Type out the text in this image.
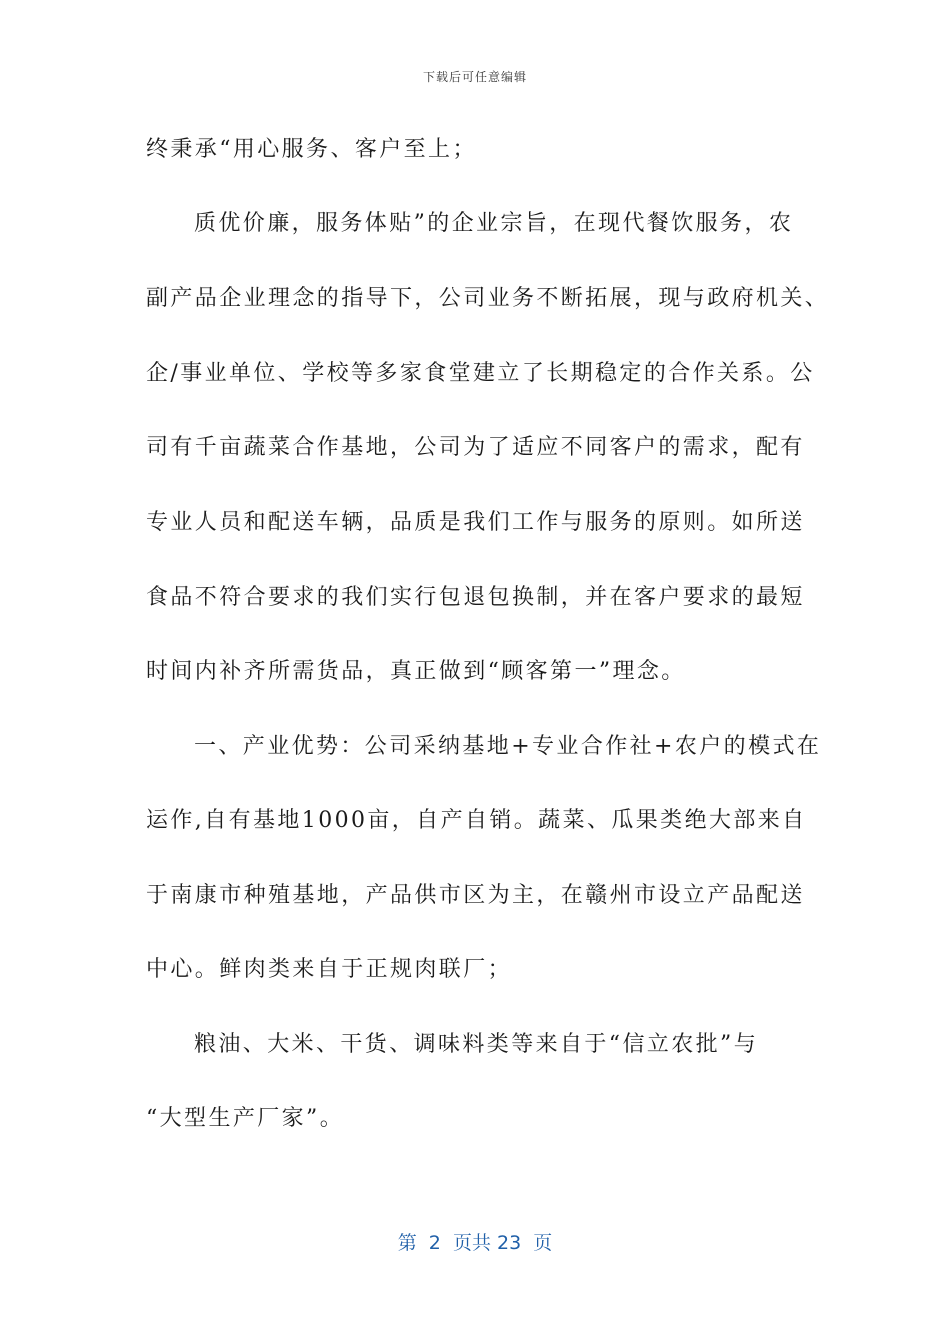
下载后可任意编辑
终秉承“用心服务、客户至上；
质优价廉，服务体贴”的企业宗旨，在现代餐饮服务，农
副产品企业理念的指导下，公司业务不断拓展，现与政府机关、
企/事业单位、学校等多家食堂建立了长期稳定的合作关系。公
司有千亩蔬菜合作基地，公司为了适应不同客户的需求，配有
专业人员和配送车辆，品质是我们工作与服务的原则。如所送
食品不符合要求的我们实行包退包换制，并在客户要求的最短
时间内补齐所需货品，真正做到“顾客第一”理念。
一、产业优势：公司采纳基地+专业合作社+农户的模式在
运作,自有基地1000亩，自产自销。蔬菜、瓜果类绝大部来自
于南康市种殖基地，产品供市区为主，在赣州市设立产品配送
中心。鲜肉类来自于正规肉联厂；
粮油、大米、干货、调味料类等来自于“信立农批”与
“大型生产厂家”。
第  2  页共 23  页
